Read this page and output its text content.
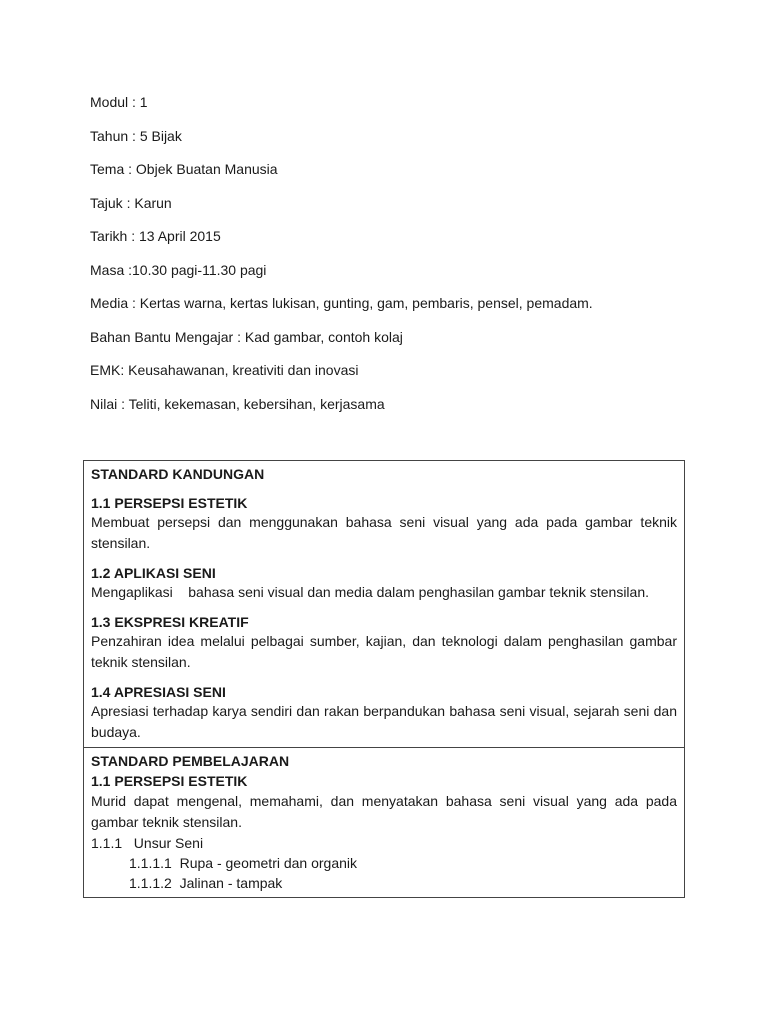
Modul : 1
Tahun : 5 Bijak
Tema : Objek Buatan Manusia
Tajuk : Karun
Tarikh : 13 April 2015
Masa :10.30 pagi-11.30 pagi
Media : Kertas warna, kertas lukisan, gunting, gam, pembaris, pensel, pemadam.
Bahan Bantu Mengajar : Kad gambar, contoh kolaj
EMK: Keusahawanan, kreativiti dan inovasi
Nilai : Teliti, kekemasan, kebersihan, kerjasama
STANDARD KANDUNGAN
1.1 PERSEPSI ESTETIK
Membuat persepsi dan menggunakan bahasa seni visual yang ada pada gambar teknik stensilan.
1.2 APLIKASI SENI
Mengaplikasi    bahasa seni visual dan media dalam penghasilan gambar teknik stensilan.
1.3 EKSPRESI KREATIF
Penzahiran idea melalui pelbagai sumber, kajian, dan teknologi dalam penghasilan gambar teknik stensilan.
1.4 APRESIASI SENI
Apresiasi terhadap karya sendiri dan rakan berpandukan bahasa seni visual, sejarah seni dan budaya.

STANDARD PEMBELAJARAN
1.1 PERSEPSI ESTETIK
Murid dapat mengenal, memahami, dan menyatakan bahasa seni visual yang ada pada gambar teknik stensilan.
1.1.1   Unsur Seni
1.1.1.1  Rupa - geometri dan organik
1.1.1.2  Jalinan - tampak
